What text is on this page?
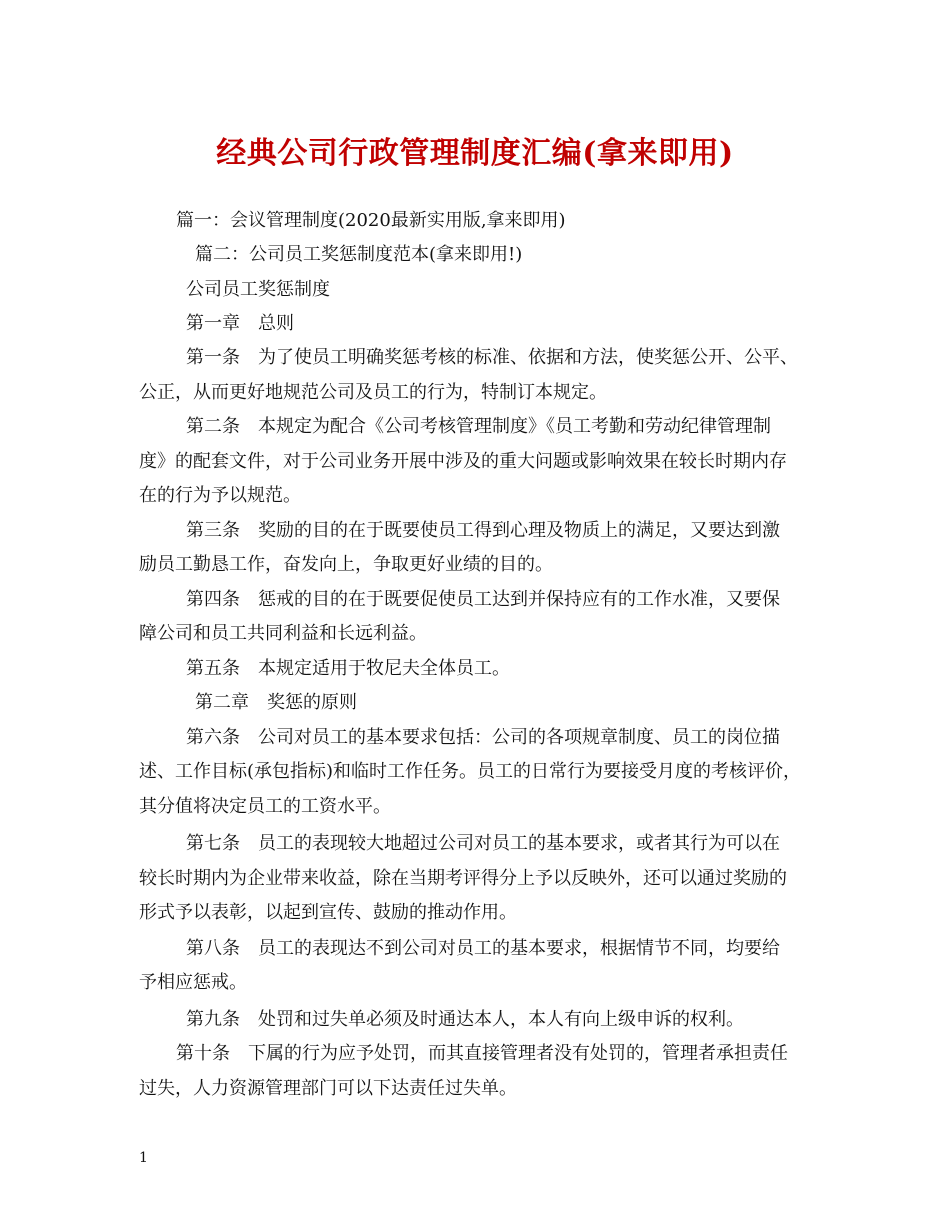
经典公司行政管理制度汇编(拿来即用)
篇一：会议管理制度(2020最新实用版,拿来即用)
篇二：公司员工奖惩制度范本(拿来即用!)
公司员工奖惩制度
第一章　总则
第一条　为了使员工明确奖惩考核的标准、依据和方法，使奖惩公开、公平、
公正，从而更好地规范公司及员工的行为，特制订本规定。
第二条　本规定为配合《公司考核管理制度》《员工考勤和劳动纪律管理制
度》的配套文件，对于公司业务开展中涉及的重大问题或影响效果在较长时期内存
在的行为予以规范。
第三条　奖励的目的在于既要使员工得到心理及物质上的满足，又要达到激
励员工勤恳工作，奋发向上，争取更好业绩的目的。
第四条　惩戒的目的在于既要促使员工达到并保持应有的工作水准，又要保
障公司和员工共同利益和长远利益。
第五条　本规定适用于牧尼夫全体员工。
第二章　奖惩的原则
第六条　公司对员工的基本要求包括：公司的各项规章制度、员工的岗位描
述、工作目标(承包指标)和临时工作任务。员工的日常行为要接受月度的考核评价，
其分值将决定员工的工资水平。
第七条　员工的表现较大地超过公司对员工的基本要求，或者其行为可以在
较长时期内为企业带来收益，除在当期考评得分上予以反映外，还可以通过奖励的
形式予以表彰，以起到宣传、鼓励的推动作用。
第八条　员工的表现达不到公司对员工的基本要求，根据情节不同，均要给
予相应惩戒。
第九条　处罚和过失单必须及时通达本人，本人有向上级申诉的权利。
第十条　下属的行为应予处罚，而其直接管理者没有处罚的，管理者承担责任
过失，人力资源管理部门可以下达责任过失单。
1
